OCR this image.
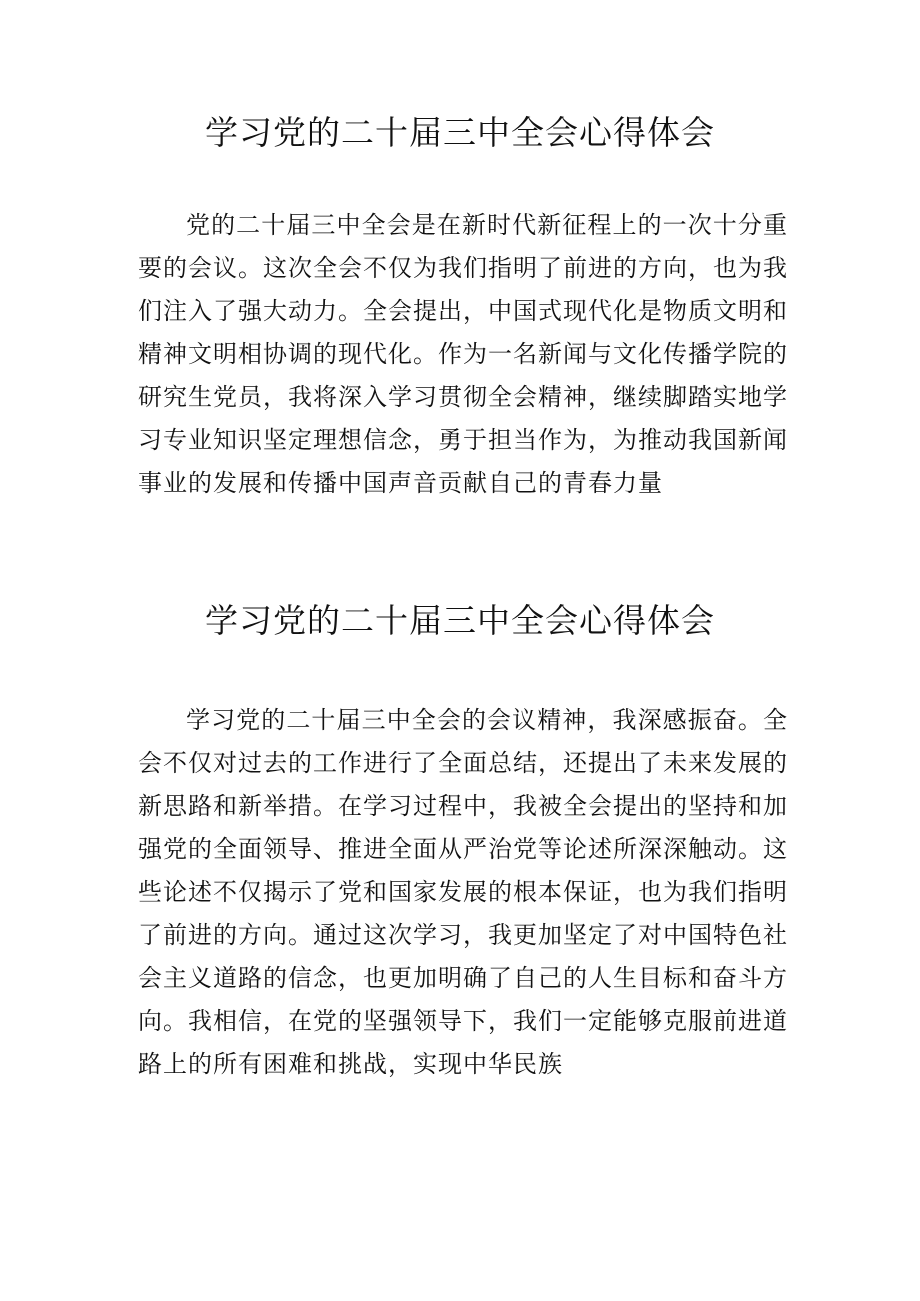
学习党的二十届三中全会心得体会

党的二十届三中全会是在新时代新征程上的一次十分重要的会议。这次全会不仅为我们指明了前进的方向，也为我们注入了强大动力。全会提出，中国式现代化是物质文明和精神文明相协调的现代化。作为一名新闻与文化传播学院的研究生党员，我将深入学习贯彻全会精神，继续脚踏实地学习专业知识坚定理想信念，勇于担当作为，为推动我国新闻事业的发展和传播中国声音贡献自己的青春力量

学习党的二十届三中全会心得体会

学习党的二十届三中全会的会议精神，我深感振奋。全会不仅对过去的工作进行了全面总结，还提出了未来发展的新思路和新举措。在学习过程中，我被全会提出的坚持和加强党的全面领导、推进全面从严治党等论述所深深触动。这些论述不仅揭示了党和国家发展的根本保证，也为我们指明了前进的方向。通过这次学习，我更加坚定了对中国特色社会主义道路的信念，也更加明确了自己的人生目标和奋斗方向。我相信，在党的坚强领导下，我们一定能够克服前进道路上的所有困难和挑战，实现中华民族
